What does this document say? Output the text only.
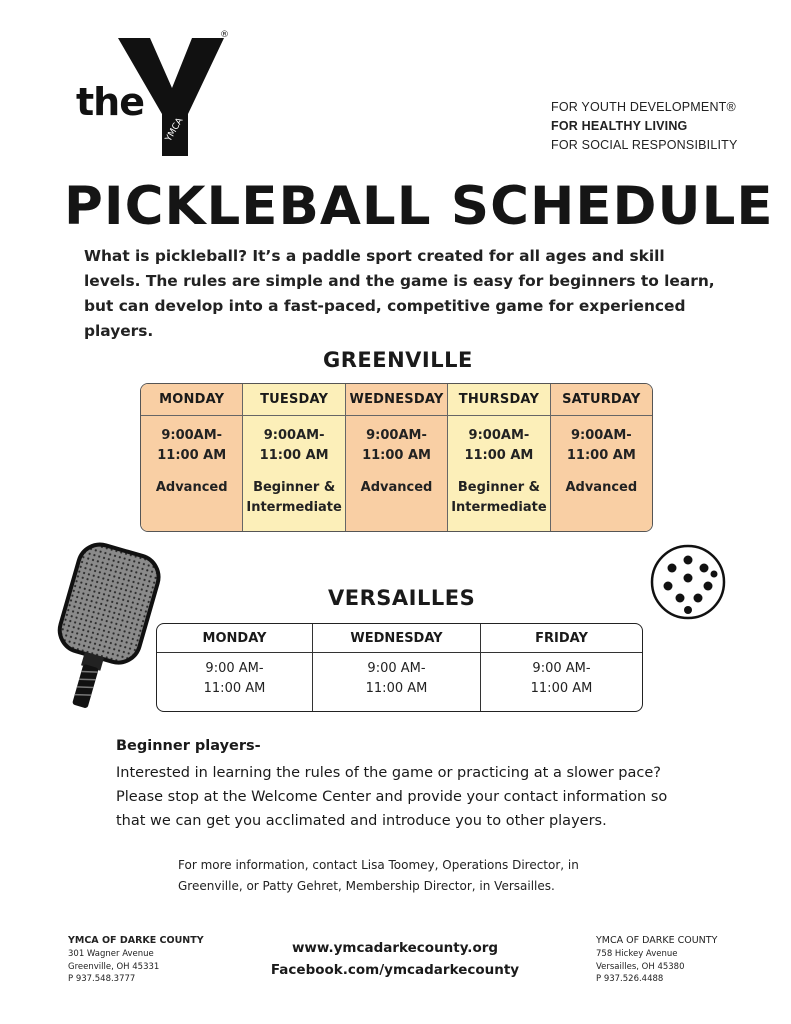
the
YMCA
®
FOR YOUTH DEVELOPMENT®
FOR HEALTHY LIVING
FOR SOCIAL RESPONSIBILITY
PICKLEBALL SCHEDULE
What is pickleball? It’s a paddle sport created for all ages and skill levels. The rules are simple and the game is easy for beginners to learn, but can develop into a fast-paced, competitive game for experienced players.
GREENVILLE
MONDAY
9:00AM-
11:00 AM
Advanced
TUESDAY
9:00AM-
11:00 AM
Beginner &
Intermediate
WEDNESDAY
9:00AM-
11:00 AM
Advanced
THURSDAY
9:00AM-
11:00 AM
Beginner &
Intermediate
SATURDAY
9:00AM-
11:00 AM
Advanced
VERSAILLES
MONDAY
9:00 AM-
11:00 AM
WEDNESDAY
9:00 AM-
11:00 AM
FRIDAY
9:00 AM-
11:00 AM
Beginner players-
Interested in learning the rules of the game or practicing at a slower pace? Please stop at the Welcome Center and provide your contact information so that we can get you acclimated and introduce you to other players.
For more information, contact Lisa Toomey, Operations Director, in Greenville, or Patty Gehret, Membership Director, in Versailles.
YMCA OF DARKE COUNTY
301 Wagner Avenue
Greenville, OH 45331
P 937.548.3777
www.ymcadarkecounty.org
Facebook.com/ymcadarkecounty
YMCA OF DARKE COUNTY
758 Hickey Avenue
Versailles, OH 45380
P 937.526.4488
